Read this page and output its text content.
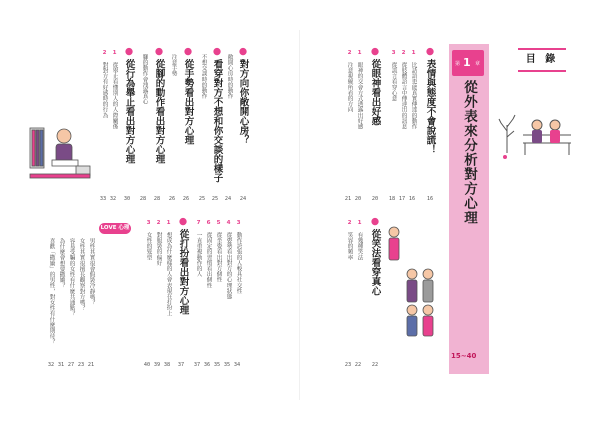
目 錄
第 1 章
從外表來分析對方心理
15~40
●表情與態度不會說謊！
16
1 比話語更能真實傳達的動作
16
2 從肢體語言中傳達出的訊息
17
3 從謊言看穿心意
18
●從眼神看出好感
20
1 眼神的交會方式透露出好感
20
2 注意視線所看的方向
21
●從笑法看穿真心
22
1 有幾種笑法
22
2 笑容的頻率
23
●對方向你敞開心房？
24
敞開心房時的動作
24
●看穿對方不想和你交談的樣子
25
不想交談時的動作
25
●從手勢看出對方心理
26
注意手勢
26
●從腳的動作看出對方心理
28
腳的動作會洩露真心
28
●從行為舉止看出對方心理
30
1 從舉止看懂別人的人際關係
32
2 對對方有好感時的行為
33
●從打扮看出對方心理
37
1 想成為什麼樣的人會表現在打扮上
38
2 對服裝的偏好
39
3 女性的髮型
40
3 動作誇張的人較具社交性
34
4 從姿勢看出對方的心理狀態
35
5 從坐姿看出對方個性
35
6 從固定的習慣看出個性
36
7 一直重複動作的人
37
LOVE 心理
男性其實很會假裝冷靜嗎？
21
女性其實很擅長觀察對方嗎？
23
容易受騙的女性有什麼共通點？
27
為什麼會想要撒嬌？
31
喜歡「撒嬌」的男性，對女性有什麼期待？
32
